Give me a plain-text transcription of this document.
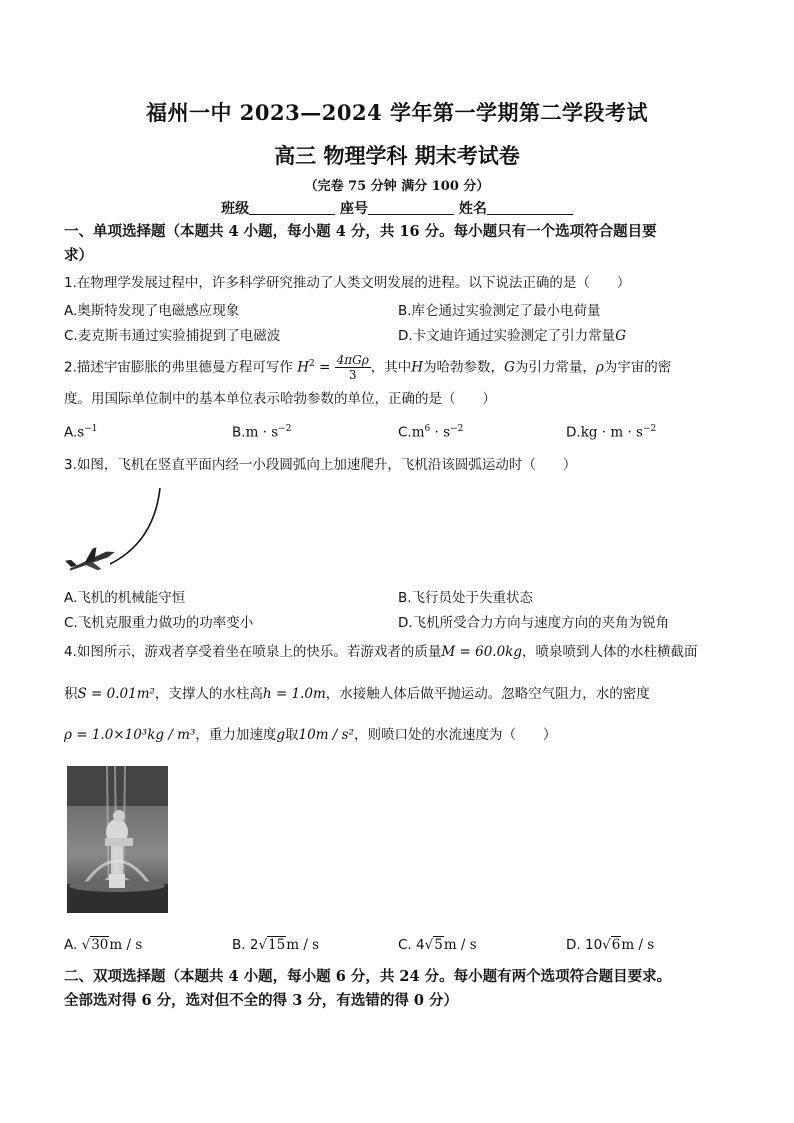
福州一中 2023—2024 学年第一学期第二学段考试
高三 物理学科 期末考试卷
（完卷 75 分钟 满分 100 分）
班级	座号	姓名
一、单项选择题（本题共 4 小题，每小题 4 分，共 16 分。每小题只有一个选项符合题目要
求）
1.在物理学发展过程中，许多科学研究推动了人类文明发展的进程。以下说法正确的是（　　）
A.奥斯特发现了电磁感应现象	B.库仑通过实验测定了最小电荷量
C.麦克斯韦通过实验捕捉到了电磁波	D.卡文迪许通过实验测定了引力常量G
2.描述宇宙膨胀的弗里德曼方程可写作 $H^2 = \frac{\text{4πGρ}}{3}$ ，其中H为哈勃参数，G为引力常量，ρ为宇宙的密
度。用国际单位制中的基本单位表示哈勃参数的单位，正确的是（　　）
$A.s^{-1}$	$B.m \cdot s^{-2}$	$C.m^6 \cdot s^{-2}$	$D.kg \cdot m \cdot s^{-2}$
3.如图，飞机在竖直平面内经一小段圆弧向上加速爬升，飞机沿该圆弧运动时（　　）
A.飞机的机械能守恒	B.飞行员处于失重状态
C.飞机克服重力做功的功率变小	D.飞机所受合力方向与速度方向的夹角为锐角
4.如图所示，游戏者享受着坐在喷泉上的快乐。若游戏者的质量M = 60.0kg，喷泉喷到人体的水柱横截面
积S = 0.01m²，支撑人的水柱高h = 1.0m，水接触人体后做平抛运动。忽略空气阻力，水的密度
ρ = 1.0×10³kg / m³，重力加速度g取10m / s²，则喷口处的水流速度为（　　）
A. √30m / s	B. 2√15m / s	C. 4√5m / s	D. 10√6m / s
二、双项选择题（本题共 4 小题，每小题 6 分，共 24 分。每小题有两个选项符合题目要求。
全部选对得 6 分，选对但不全的得 3 分，有选错的得 0 分）
